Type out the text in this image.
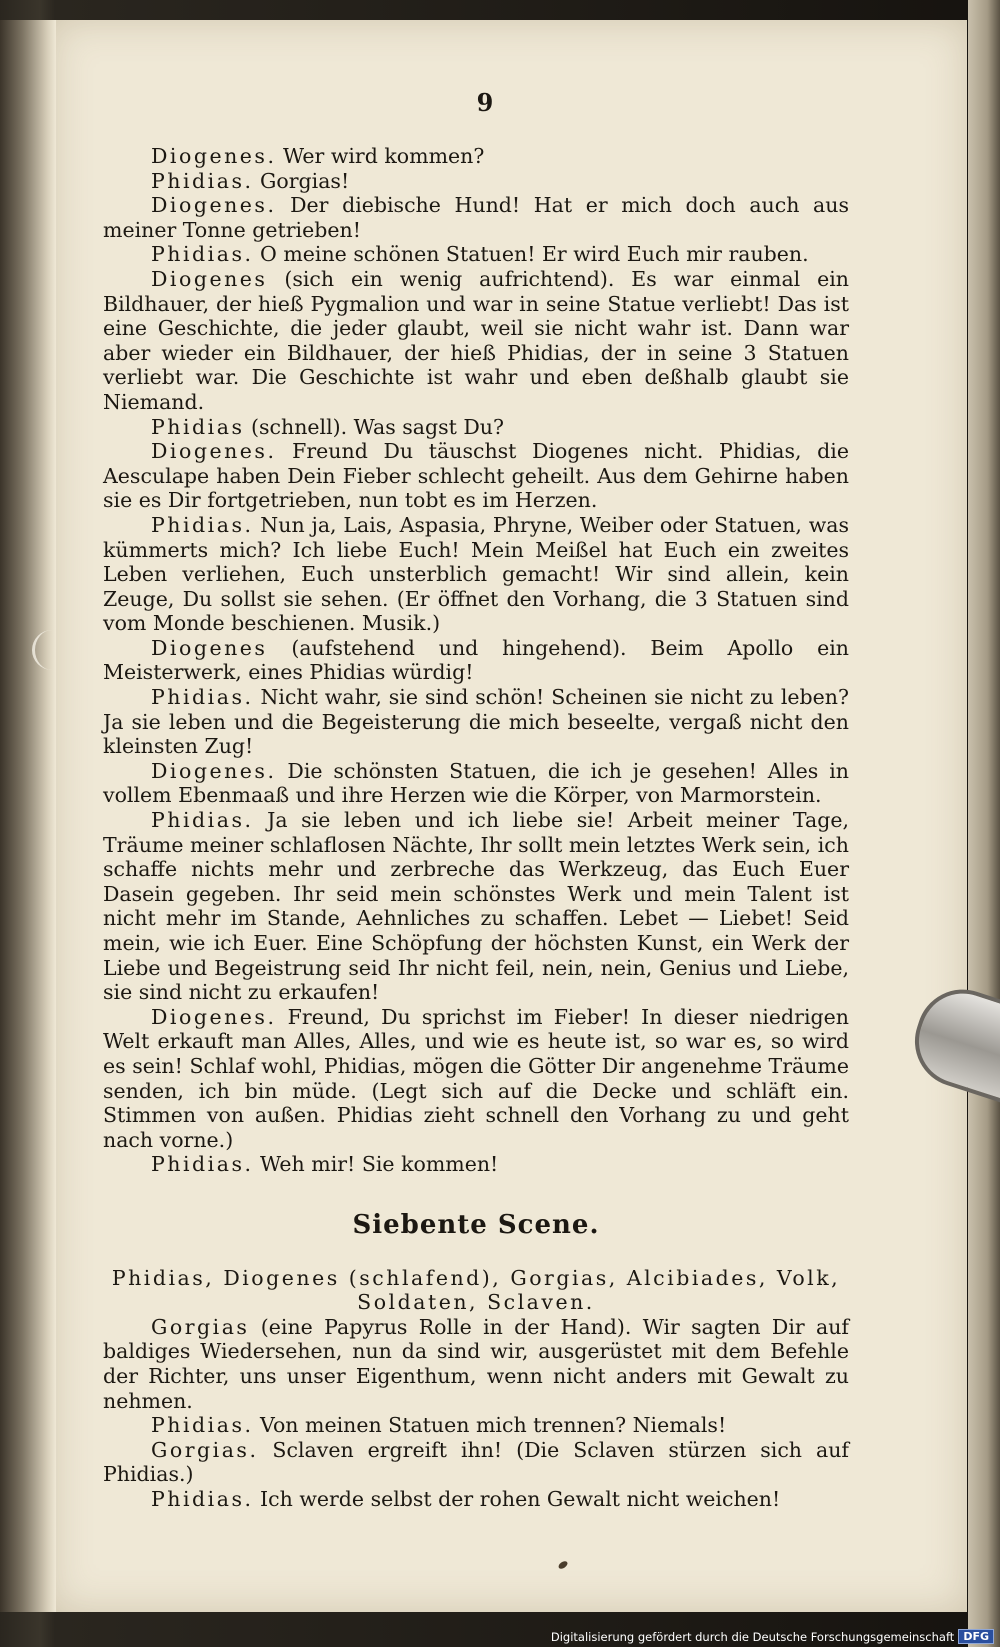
9

Diogenes. Wer wird kommen?

Phidias. Gorgias!

Diogenes. Der diebische Hund! Hat er mich doch auch aus meiner Tonne getrieben!

Phidias. O meine schönen Statuen! Er wird Euch mir rauben.

Diogenes (sich ein wenig aufrichtend). Es war einmal ein Bildhauer, der hieß Pygmalion und war in seine Statue verliebt! Das ist eine Geschichte, die jeder glaubt, weil sie nicht wahr ist. Dann war aber wieder ein Bildhauer, der hieß Phidias, der in seine 3 Statuen verliebt war. Die Geschichte ist wahr und eben deßhalb glaubt sie Niemand.

Phidias (schnell). Was sagst Du?

Diogenes. Freund Du täuschst Diogenes nicht. Phidias, die Aesculape haben Dein Fieber schlecht geheilt. Aus dem Gehirne haben sie es Dir fortgetrieben, nun tobt es im Herzen.

Phidias. Nun ja, Lais, Aspasia, Phryne, Weiber oder Statuen, was kümmerts mich? Ich liebe Euch! Mein Meißel hat Euch ein zweites Leben verliehen, Euch unsterblich gemacht! Wir sind allein, kein Zeuge, Du sollst sie sehen. (Er öffnet den Vorhang, die 3 Statuen sind vom Monde beschienen. Musik.)

Diogenes (aufstehend und hingehend). Beim Apollo ein Meisterwerk, eines Phidias würdig!

Phidias. Nicht wahr, sie sind schön! Scheinen sie nicht zu leben? Ja sie leben und die Begeisterung die mich beseelte, vergaß nicht den kleinsten Zug!

Diogenes. Die schönsten Statuen, die ich je gesehen! Alles in vollem Ebenmaaß und ihre Herzen wie die Körper, von Marmorstein.

Phidias. Ja sie leben und ich liebe sie! Arbeit meiner Tage, Träume meiner schlaflosen Nächte, Ihr sollt mein letztes Werk sein, ich schaffe nichts mehr und zerbreche das Werkzeug, das Euch Euer Dasein gegeben. Ihr seid mein schönstes Werk und mein Talent ist nicht mehr im Stande, Aehnliches zu schaffen. Lebet — Liebet! Seid mein, wie ich Euer. Eine Schöpfung der höchsten Kunst, ein Werk der Liebe und Begeistrung seid Ihr nicht feil, nein, nein, Genius und Liebe, sie sind nicht zu erkaufen!

Diogenes. Freund, Du sprichst im Fieber! In dieser niedrigen Welt erkauft man Alles, Alles, und wie es heute ist, so war es, so wird es sein! Schlaf wohl, Phidias, mögen die Götter Dir angenehme Träume senden, ich bin müde. (Legt sich auf die Decke und schläft ein. Stimmen von außen. Phidias zieht schnell den Vorhang zu und geht nach vorne.)

Phidias. Weh mir! Sie kommen!

Siebente Scene.

Phidias, Diogenes (schlafend), Gorgias, Alcibiades, Volk,

Soldaten, Sclaven.

Gorgias (eine Papyrus Rolle in der Hand). Wir sagten Dir auf baldiges Wiedersehen, nun da sind wir, ausgerüstet mit dem Befehle der Richter, uns unser Eigenthum, wenn nicht anders mit Gewalt zu nehmen.

Phidias. Von meinen Statuen mich trennen? Niemals!

Gorgias. Sclaven ergreift ihn! (Die Sclaven stürzen sich auf Phidias.)

Phidias. Ich werde selbst der rohen Gewalt nicht weichen!

Digitalisierung gefördert durch die Deutsche Forschungsgemeinschaft DFG
